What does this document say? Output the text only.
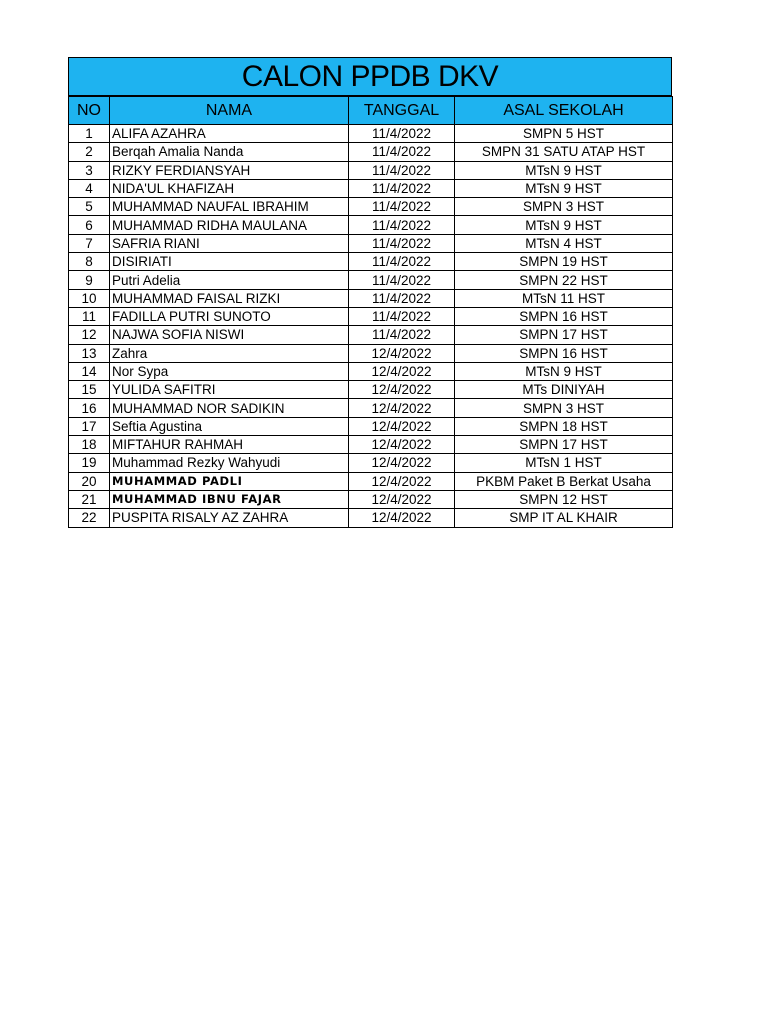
CALON PPDB DKV
NO	NAMA	TANGGAL	ASAL SEKOLAH
1	ALIFA AZAHRA	11/4/2022	SMPN 5 HST
2	Berqah Amalia Nanda	11/4/2022	SMPN 31 SATU ATAP HST
3	RIZKY FERDIANSYAH	11/4/2022	MTsN 9 HST
4	NIDA'UL KHAFIZAH	11/4/2022	MTsN 9 HST
5	MUHAMMAD NAUFAL IBRAHIM	11/4/2022	SMPN 3 HST
6	MUHAMMAD RIDHA MAULANA	11/4/2022	MTsN 9 HST
7	SAFRIA RIANI	11/4/2022	MTsN 4 HST
8	DISIRIATI	11/4/2022	SMPN 19 HST
9	Putri Adelia	11/4/2022	SMPN 22 HST
10	MUHAMMAD FAISAL RIZKI	11/4/2022	MTsN 11 HST
11	FADILLA PUTRI SUNOTO	11/4/2022	SMPN 16 HST
12	NAJWA SOFIA NISWI	11/4/2022	SMPN 17 HST
13	Zahra	12/4/2022	SMPN 16 HST
14	Nor Sypa	12/4/2022	MTsN 9 HST
15	YULIDA SAFITRI	12/4/2022	MTs DINIYAH
16	MUHAMMAD NOR SADIKIN	12/4/2022	SMPN 3 HST
17	Seftia Agustina	12/4/2022	SMPN 18 HST
18	MIFTAHUR RAHMAH	12/4/2022	SMPN 17 HST
19	Muhammad Rezky Wahyudi	12/4/2022	MTsN 1 HST
20	MUHAMMAD PADLI	12/4/2022	PKBM Paket B Berkat Usaha
21	MUHAMMAD IBNU FAJAR	12/4/2022	SMPN 12 HST
22	PUSPITA RISALY AZ ZAHRA	12/4/2022	SMP IT AL KHAIR
